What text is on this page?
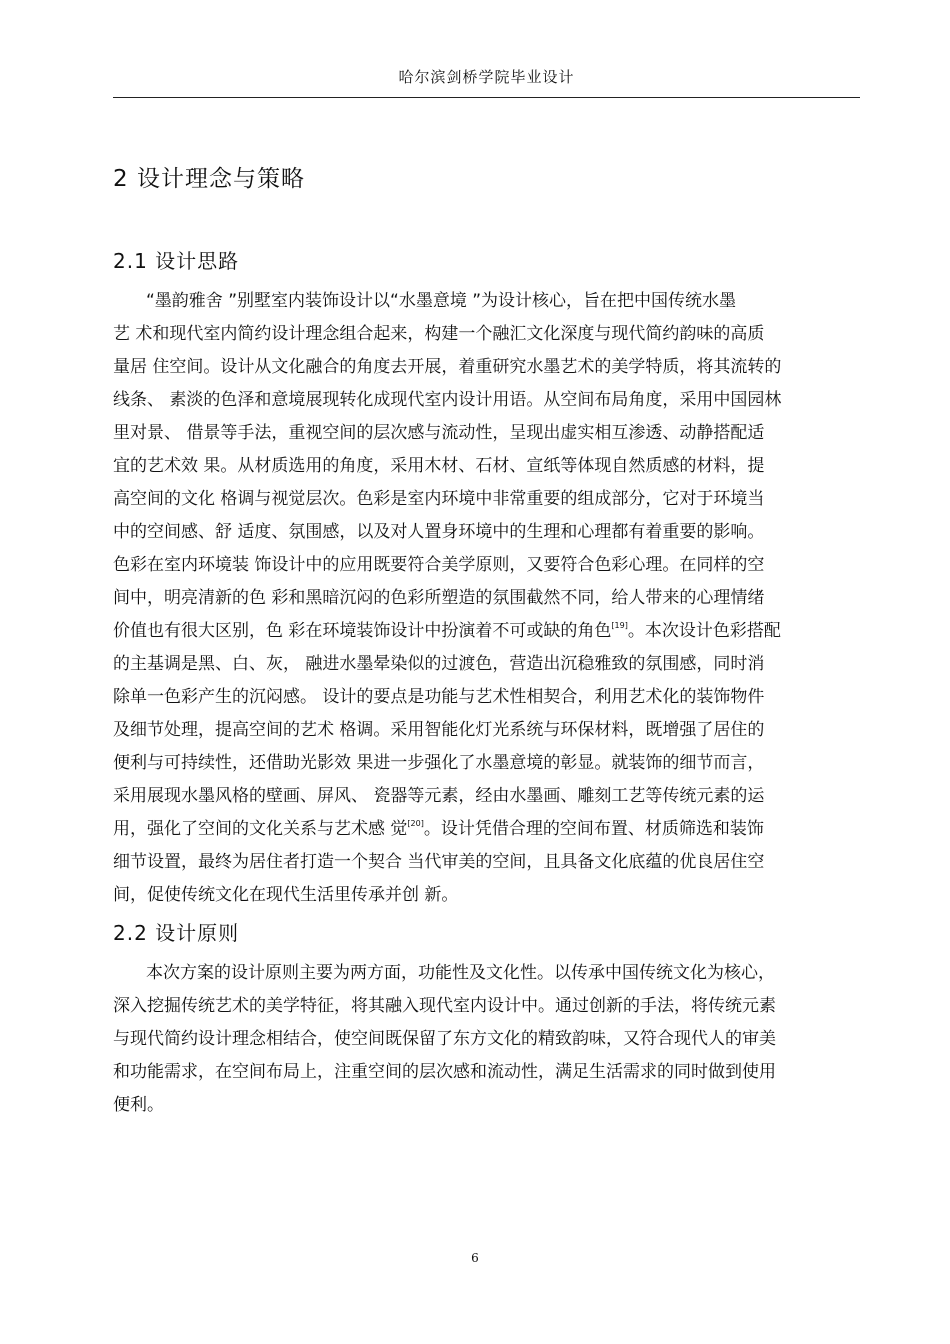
哈尔滨剑桥学院毕业设计
2 设计理念与策略
2.1 设计思路
“墨韵雅舍 ”别墅室内装饰设计以“水墨意境 ”为设计核心，旨在把中国传统水墨
艺 术和现代室内简约设计理念组合起来，构建一个融汇文化深度与现代简约韵味的高质
量居 住空间。设计从文化融合的角度去开展，着重研究水墨艺术的美学特质，将其流转的
线条、 素淡的色泽和意境展现转化成现代室内设计用语。从空间布局角度，采用中国园林
里对景、 借景等手法，重视空间的层次感与流动性，呈现出虚实相互渗透、动静搭配适
宜的艺术效 果。从材质选用的角度，采用木材、石材、宣纸等体现自然质感的材料，提
高空间的文化 格调与视觉层次。色彩是室内环境中非常重要的组成部分，它对于环境当
中的空间感、舒 适度、氛围感，以及对人置身环境中的生理和心理都有着重要的影响。
色彩在室内环境装 饰设计中的应用既要符合美学原则，又要符合色彩心理。在同样的空
间中，明亮清新的色 彩和黑暗沉闷的色彩所塑造的氛围截然不同，给人带来的心理情绪
价值也有很大区别，色 彩在环境装饰设计中扮演着不可或缺的角色[19]。本次设计色彩搭配
的主基调是黑、白、灰， 融进水墨晕染似的过渡色，营造出沉稳雅致的氛围感，同时消
除单一色彩产生的沉闷感。 设计的要点是功能与艺术性相契合，利用艺术化的装饰物件
及细节处理，提高空间的艺术 格调。采用智能化灯光系统与环保材料，既增强了居住的
便利与可持续性，还借助光影效 果进一步强化了水墨意境的彰显。就装饰的细节而言，
采用展现水墨风格的壁画、屏风、 瓷器等元素，经由水墨画、雕刻工艺等传统元素的运
用，强化了空间的文化关系与艺术感 觉[20]。设计凭借合理的空间布置、材质筛选和装饰
细节设置，最终为居住者打造一个契合 当代审美的空间，且具备文化底蕴的优良居住空
间，促使传统文化在现代生活里传承并创 新。
2.2 设计原则
本次方案的设计原则主要为两方面，功能性及文化性。以传承中国传统文化为核心，
深入挖掘传统艺术的美学特征，将其融入现代室内设计中。通过创新的手法，将传统元素
与现代简约设计理念相结合，使空间既保留了东方文化的精致韵味，又符合现代人的审美
和功能需求，在空间布局上，注重空间的层次感和流动性，满足生活需求的同时做到使用
便利。
6
